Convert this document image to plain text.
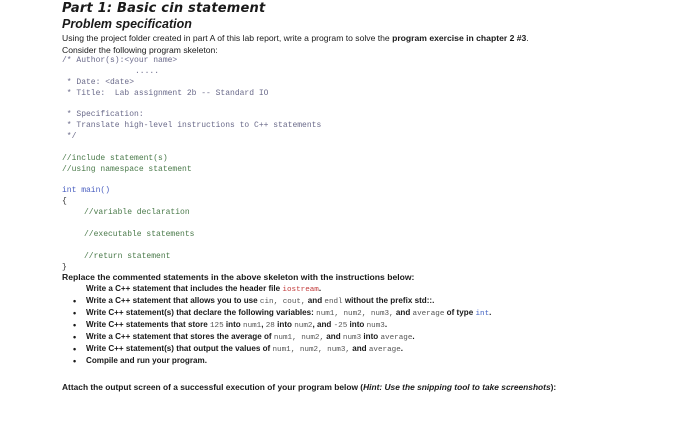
Part 1: Basic cin statement
Problem specification
Using the project folder created in part A of this lab report, write a program to solve the program exercise in chapter 2 #3.
Consider the following program skeleton:
/* Author(s):<your name>
.....
* Date: <date>
* Title:  Lab assignment 2b -- Standard IO
* Specification:
* Translate high-level instructions to C++ statements
*/
//include statement(s)
//using namespace statement
int main()
{
//variable declaration
//executable statements
//return statement
}
Replace the commented statements in the above skeleton with the instructions below:
Write a C++ statement that includes the header file iostream.
• Write a C++ statement that allows you to use cin, cout, and endl without the prefix std::.
• Write C++ statement(s) that declare the following variables: num1, num2, num3, and average of type int.
• Write C++ statements that store 125 into num1, 28 into num2, and -25 into num3.
• Write a C++ statement that stores the average of num1, num2, and num3 into average.
• Write C++ statement(s) that output the values of num1, num2, num3, and average.
• Compile and run your program.
Attach the output screen of a successful execution of your program below (Hint: Use the snipping tool to take screenshots):
